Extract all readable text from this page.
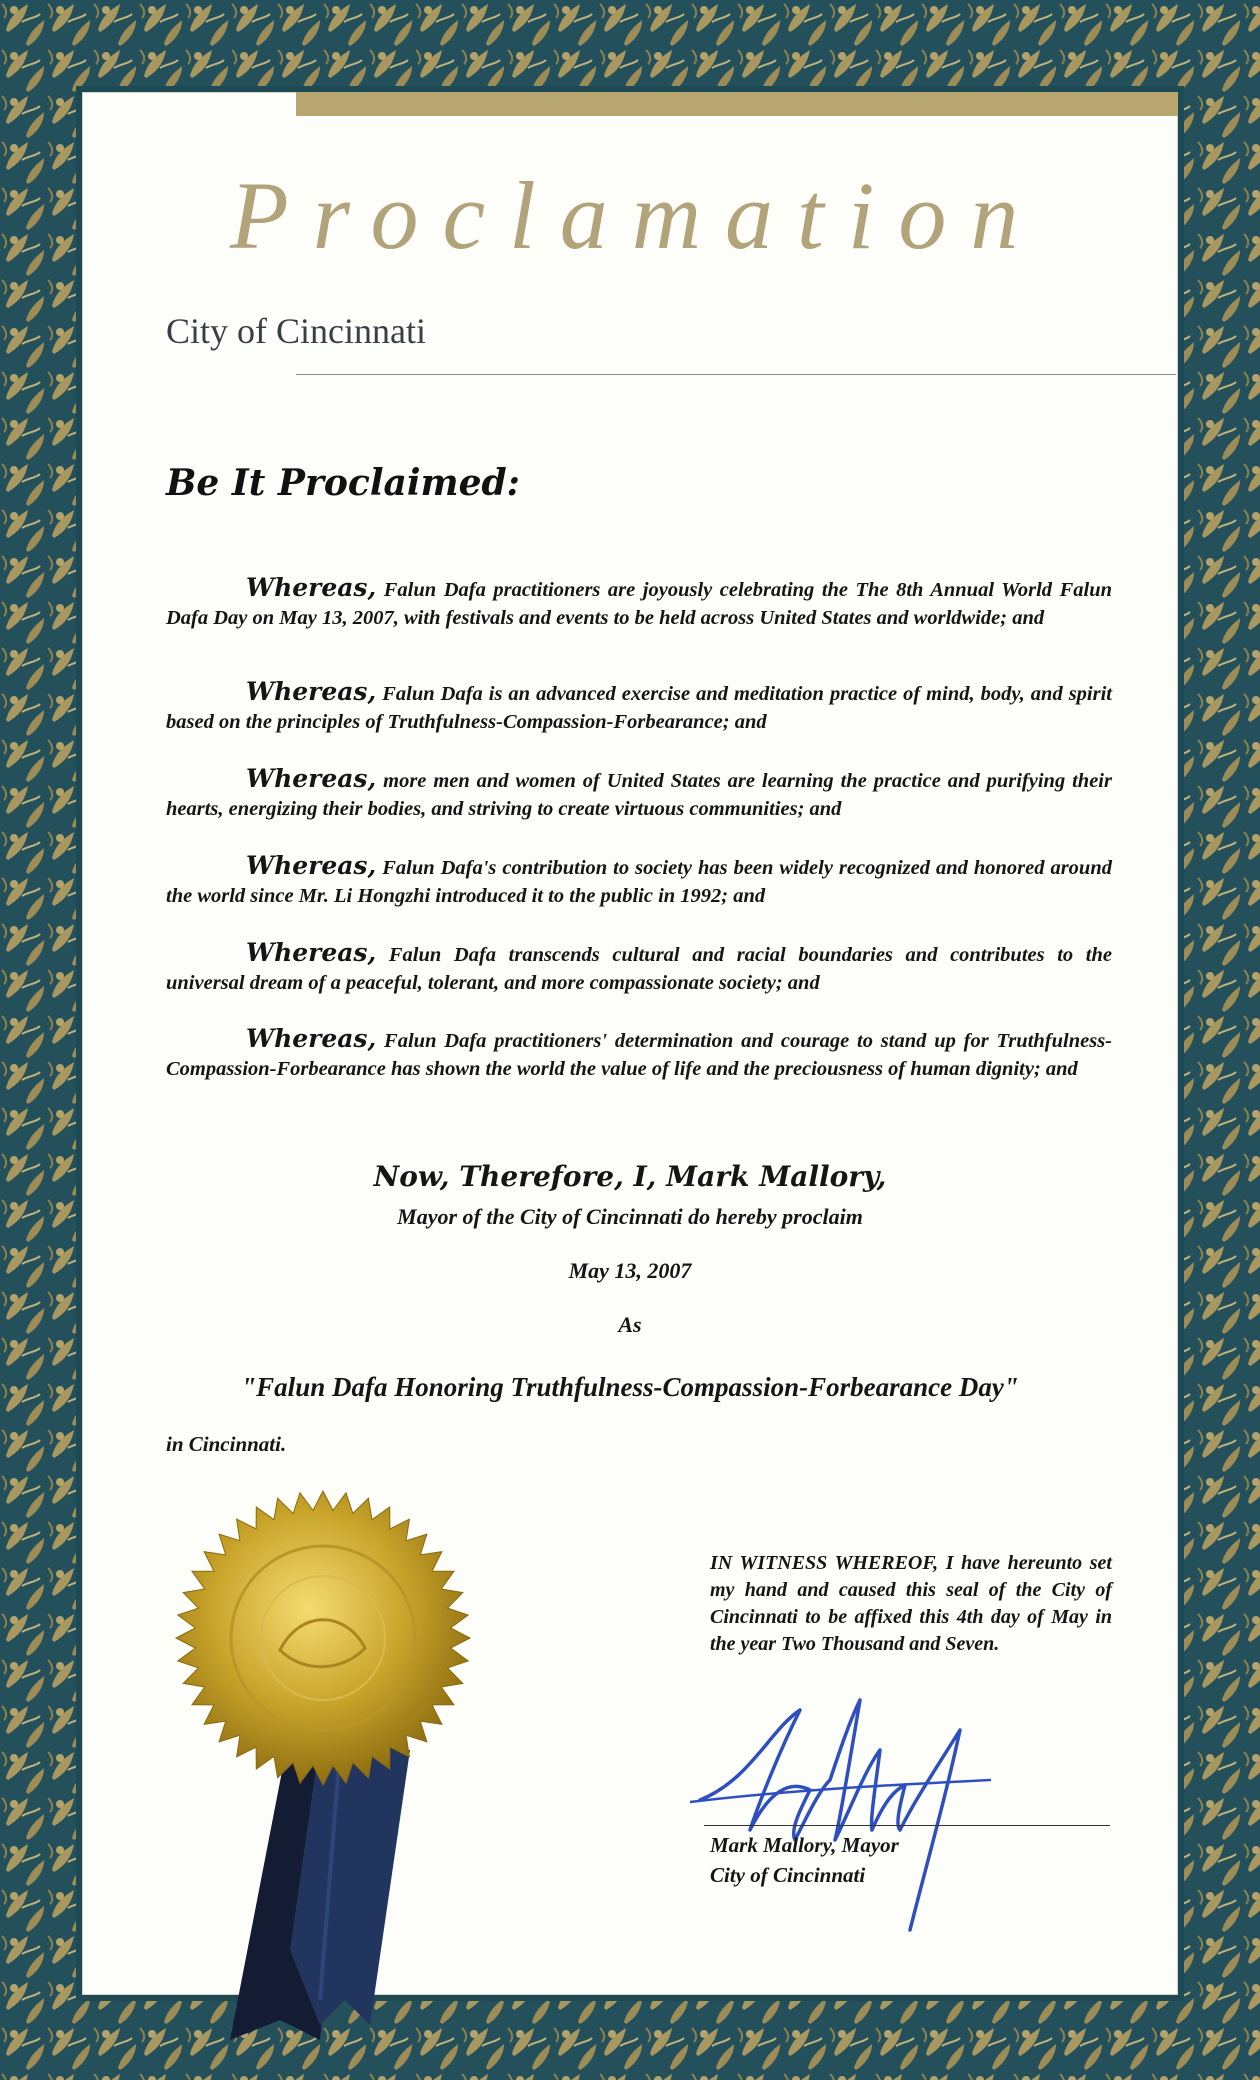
Proclamation
City of Cincinnati
Be It Proclaimed:
Whereas, Falun Dafa practitioners are joyously celebrating the The 8th Annual World Falun Dafa Day on May 13, 2007, with festivals and events to be held across United States and worldwide; and
Whereas, Falun Dafa is an advanced exercise and meditation practice of mind, body, and spirit based on the principles of Truthfulness-Compassion-Forbearance; and
Whereas, more men and women of United States are learning the practice and purifying their hearts, energizing their bodies, and striving to create virtuous communities; and
Whereas, Falun Dafa's contribution to society has been widely recognized and honored around the world since Mr. Li Hongzhi introduced it to the public in 1992; and
Whereas, Falun Dafa transcends cultural and racial boundaries and contributes to the universal dream of a peaceful, tolerant, and more compassionate society; and
Whereas, Falun Dafa practitioners' determination and courage to stand up for Truthfulness-Compassion-Forbearance has shown the world the value of life and the preciousness of human dignity; and
Now, Therefore, I, Mark Mallory,
Mayor of the City of Cincinnati do hereby proclaim
May 13, 2007
As
"Falun Dafa Honoring Truthfulness-Compassion-Forbearance Day"
in Cincinnati.
IN WITNESS WHEREOF, I have hereunto set my hand and caused this seal of the City of Cincinnati to be affixed this 4th day of May in the year Two Thousand and Seven.
Mark Mallory, Mayor
City of Cincinnati
